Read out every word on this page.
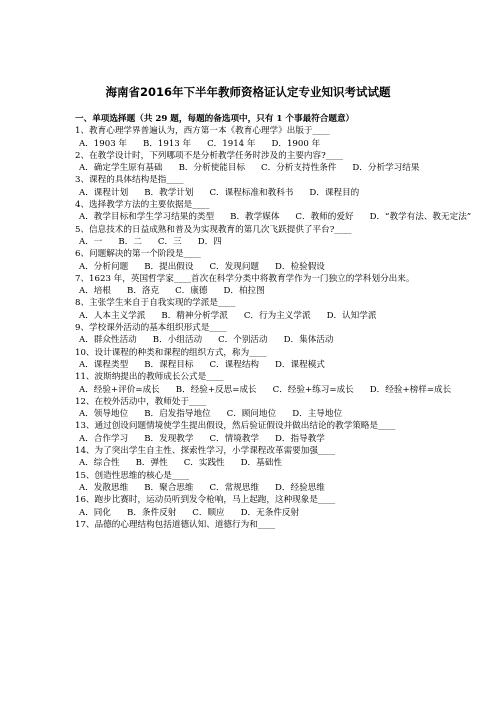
海南省2016年下半年教师资格证认定专业知识考试试题
一、单项选择题（共 29 题，每题的备选项中，只有 1 个事最符合题意）
1、教育心理学界普遍认为，西方第一本《教育心理学》出版于____
A．1903 年 B．1913 年 C．1914 年 D．1900 年
2、在教学设计时，下列哪项不是分析教学任务时涉及的主要内容?____
A．确定学生原有基础 B．分析使能目标 C．分析支持性条件 D．分析学习结果
3、课程的具体结构是指____
A．课程计划 B．教学计划 C．课程标准和教科书 D．课程目的
4、选择教学方法的主要依据是____
A．教学目标和学生学习结果的类型 B．教学媒体 C．教师的爱好 D．“教学有法、教无定法”
5、信息技术的日益成熟和普及为实现教育的第几次飞跃提供了平台?____
A．一 B．二 C．三 D．四
6、问题解决的第一个阶段是____
A．分析问题 B．提出假设 C．发现问题 D．检验假设
7、1623 年，英国哲学家____首次在科学分类中将教育学作为一门独立的学科划分出来。
A．培根 B．洛克 C．康德 D．柏拉图
8、主张学生来自于自我实现的学派是____
A．人本主义学派 B．精神分析学派 C．行为主义学派 D．认知学派
9、学校课外活动的基本组织形式是____
A．群众性活动 B．小组活动 C．个别活动 D．集体活动
10、设计课程的种类和课程的组织方式，称为____
A．课程类型 B．课程目标 C．课程结构 D．课程模式
11、波斯纳提出的教师成长公式是____
A．经验+评价=成长 B．经验+反思=成长 C．经验+练习=成长 D．经验+榜样=成长
12、在校外活动中，教师处于____
A．领导地位 B．启发指导地位 C．顾问地位 D．主导地位
13、通过创设问题情境使学生提出假设，然后验证假设并做出结论的教学策略是____
A．合作学习 B．发现教学 C．情境教学 D．指导教学
14、为了突出学生自主性、探索性学习，小学课程改革需要加强____
A．综合性 B．弹性 C．实践性 D．基础性
15、创造性思维的核心是____
A．发散思维 B．聚合思维 C．常规思维 D．经验思维
16、跑步比赛时，运动员听到发令枪响，马上起跑，这种现象是____
A．同化 B．条件反射 C．顺应 D．无条件反射
17、品德的心理结构包括道德认知、道德行为和____
